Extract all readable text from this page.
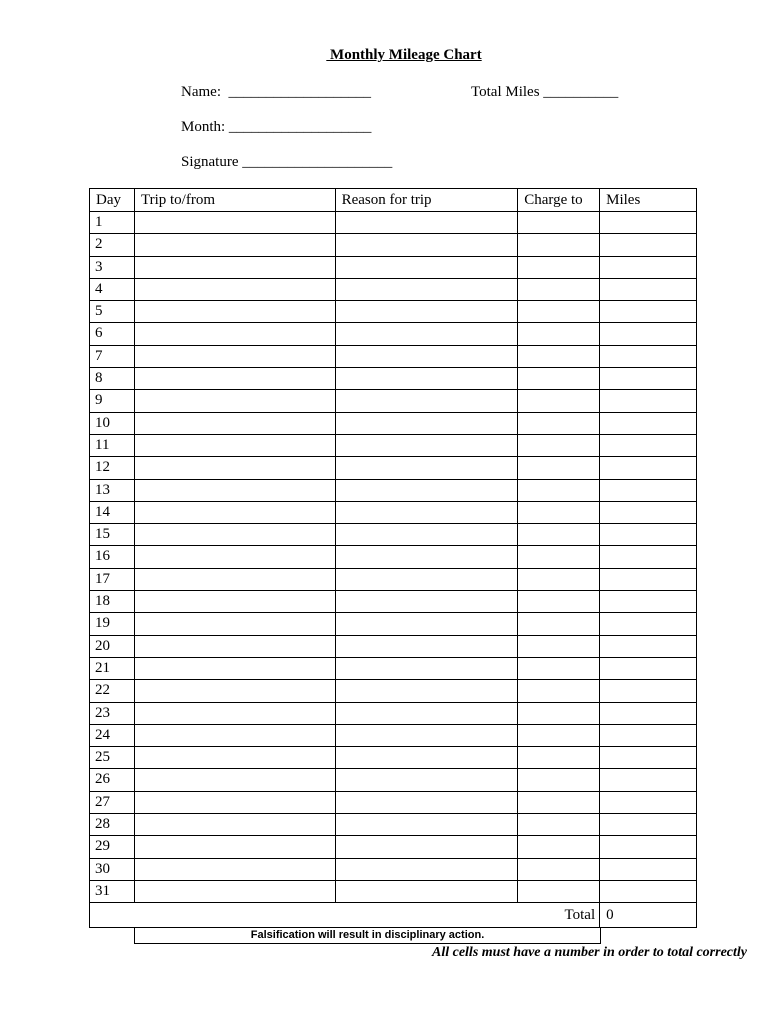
Monthly Mileage Chart
Name:  ___________________	Total Miles __________
Month: ___________________
Signature ____________________
Day	Trip to/from	Reason for trip	Charge to	Miles
1				
2				
3				
4				
5				
6				
7				
8				
9				
10				
11				
12				
13				
14				
15				
16				
17				
18				
19				
20				
21				
22				
23				
24				
25				
26				
27				
28				
29				
30				
31				
Total				0
Falsification will result in disciplinary action.
All cells must have a number in order to total correctly
